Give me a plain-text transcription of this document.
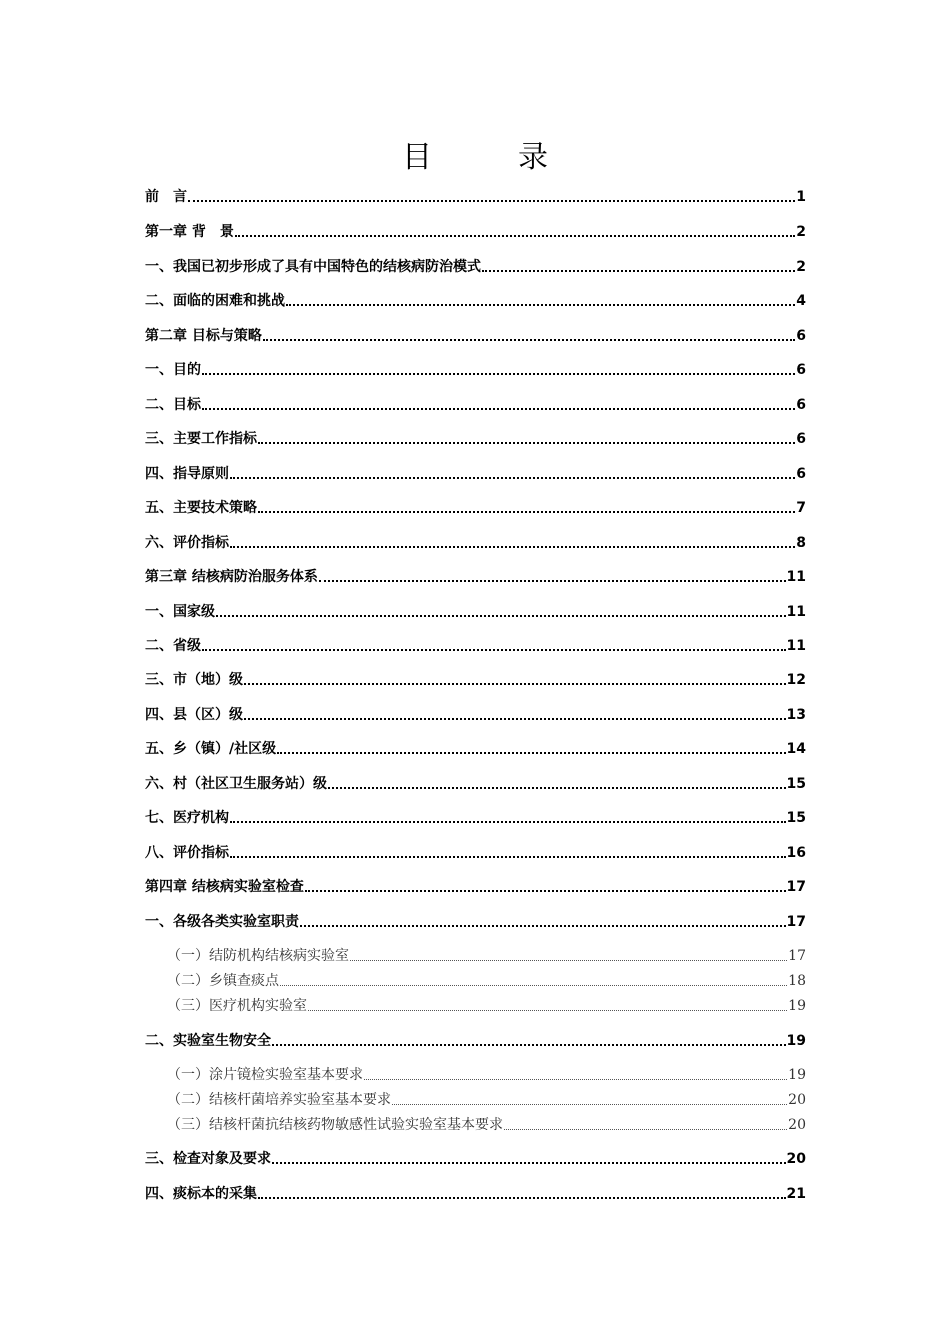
目　录
前　言	1
第一章 背　景	2
一、我国已初步形成了具有中国特色的结核病防治模式	2
二、面临的困难和挑战	4
第二章 目标与策略	6
一、目的	6
二、目标	6
三、主要工作指标	6
四、指导原则	6
五、主要技术策略	7
六、评价指标	8
第三章 结核病防治服务体系	11
一、国家级	11
二、省级	11
三、市（地）级	12
四、县（区）级	13
五、乡（镇）/社区级	14
六、村（社区卫生服务站）级	15
七、医疗机构	15
八、评价指标	16
第四章 结核病实验室检查	17
一、各级各类实验室职责	17
（一）结防机构结核病实验室	17
（二）乡镇查痰点	18
（三）医疗机构实验室	19
二、实验室生物安全	19
（一）涂片镜检实验室基本要求	19
（二）结核杆菌培养实验室基本要求	20
（三）结核杆菌抗结核药物敏感性试验实验室基本要求	20
三、检查对象及要求	20
四、痰标本的采集	21
